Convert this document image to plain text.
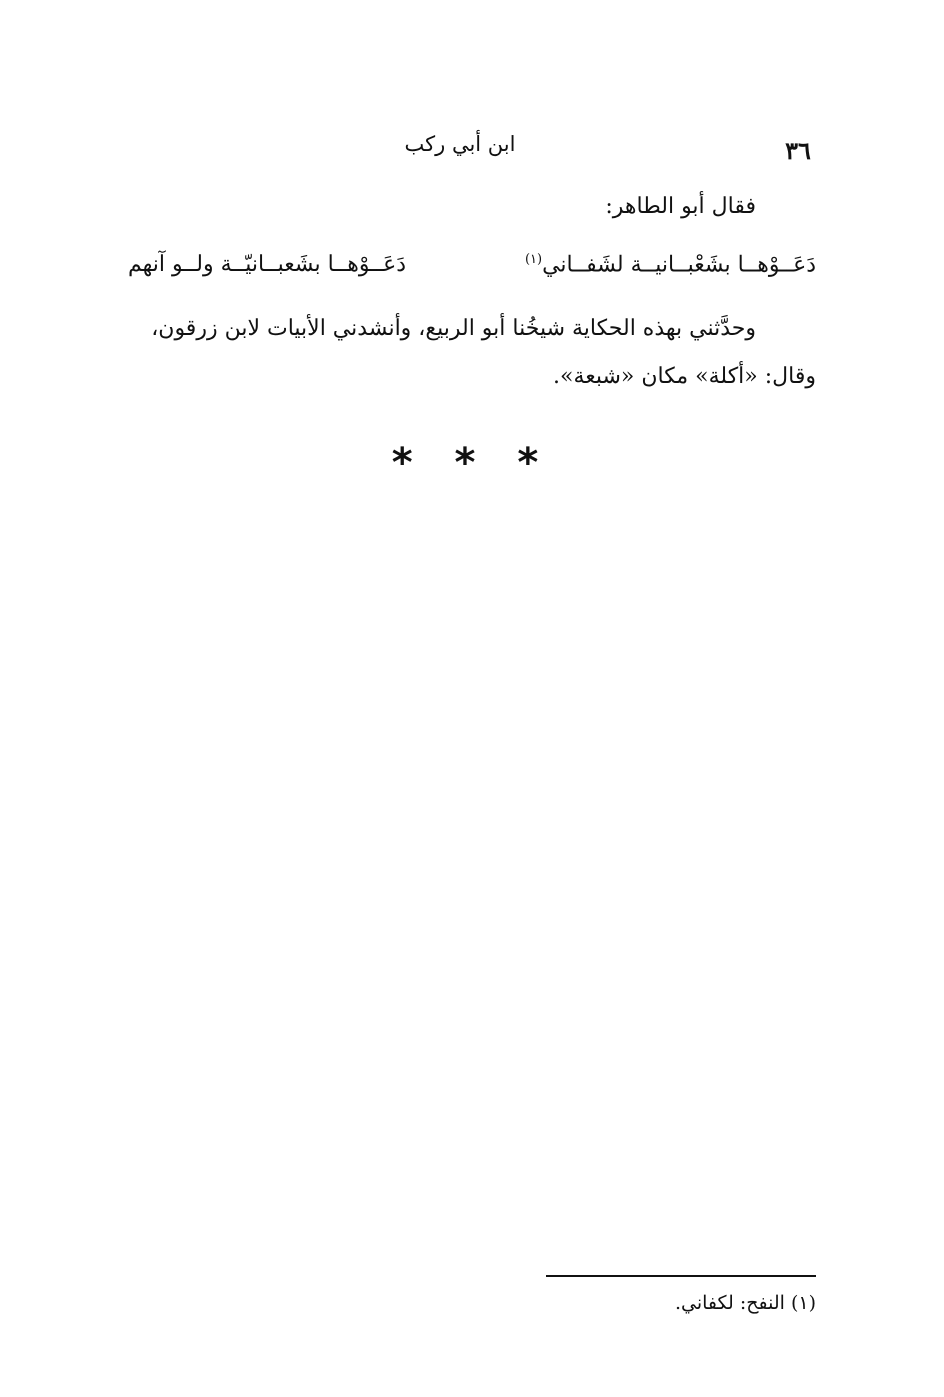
٣٦
ابن أبي ركب
فقال أبو الطاهر:
دَعَــوْهــا بشَعْبــانيــة لشَفــاني$^{(١)}$
دَعَــوْهــا بشَعبــانيّــة ولــو آنهم
وحدَّثني بهذه الحكاية شيخُنا أبو الربيع، وأنشدني الأبيات لابن زرقون،
وقال: «أكلة» مكان «شبعة».
* * *
(١) النفح: لكفاني.
